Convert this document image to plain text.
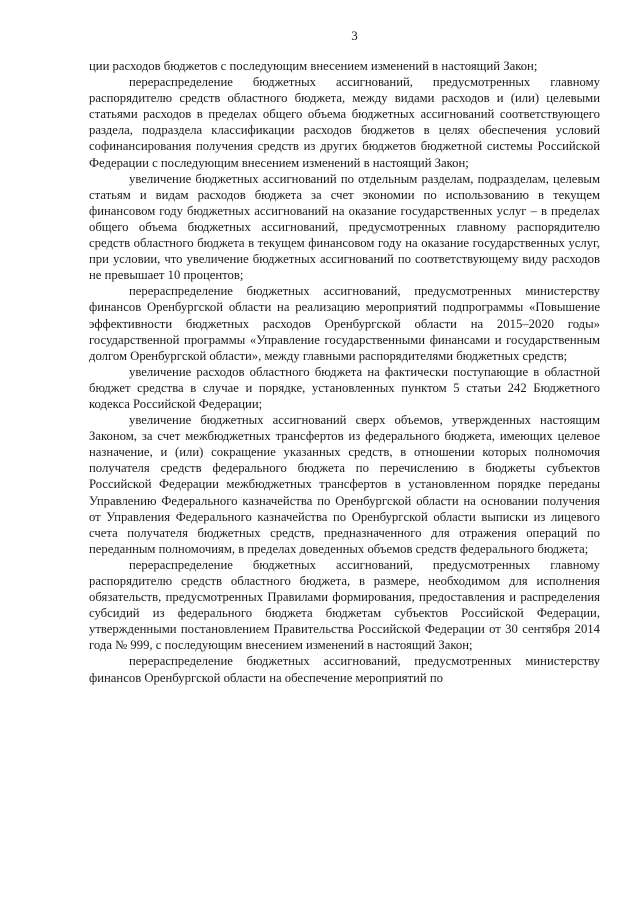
3

ции расходов бюджетов с последующим внесением изменений в настоящий Закон;

перераспределение бюджетных ассигнований, предусмотренных главному распорядителю средств областного бюджета, между видами расходов и (или) целевыми статьями расходов в пределах общего объема бюджетных ассигнований соответствующего раздела, подраздела классификации расходов бюджетов в целях обеспечения условий софинансирования получения средств из других бюджетов бюджетной системы Российской Федерации с последующим внесением изменений в настоящий Закон;

увеличение бюджетных ассигнований по отдельным разделам, подразделам, целевым статьям и видам расходов бюджета за счет экономии по использованию в текущем финансовом году бюджетных ассигнований на оказание государственных услуг – в пределах общего объема бюджетных ассигнований, предусмотренных главному распорядителю средств областного бюджета в текущем финансовом году на оказание государственных услуг, при условии, что увеличение бюджетных ассигнований по соответствующему виду расходов не превышает 10 процентов;

перераспределение бюджетных ассигнований, предусмотренных министерству финансов Оренбургской области на реализацию мероприятий подпрограммы «Повышение эффективности бюджетных расходов Оренбургской области на 2015–2020 годы» государственной программы «Управление государственными финансами и государственным долгом Оренбургской области», между главными распорядителями бюджетных средств;

увеличение расходов областного бюджета на фактически поступающие в областной бюджет средства в случае и порядке, установленных пунктом 5 статьи 242 Бюджетного кодекса Российской Федерации;

увеличение бюджетных ассигнований сверх объемов, утвержденных настоящим Законом, за счет межбюджетных трансфертов из федерального бюджета, имеющих целевое назначение, и (или) сокращение указанных средств, в отношении которых полномочия получателя средств федерального бюджета по перечислению в бюджеты субъектов Российской Федерации межбюджетных трансфертов в установленном порядке переданы Управлению Федерального казначейства по Оренбургской области на основании получения от Управления Федерального казначейства по Оренбургской области выписки из лицевого счета получателя бюджетных средств, предназначенного для отражения операций по переданным полномочиям, в пределах доведенных объемов средств федерального бюджета;

перераспределение бюджетных ассигнований, предусмотренных главному распорядителю средств областного бюджета, в размере, необходимом для исполнения обязательств, предусмотренных Правилами формирования, предоставления и распределения субсидий из федерального бюджета бюджетам субъектов Российской Федерации, утвержденными постановлением Правительства Российской Федерации от 30 сентября 2014 года № 999, с последующим внесением изменений в настоящий Закон;

перераспределение бюджетных ассигнований, предусмотренных министерству финансов Оренбургской области на обеспечение мероприятий по
